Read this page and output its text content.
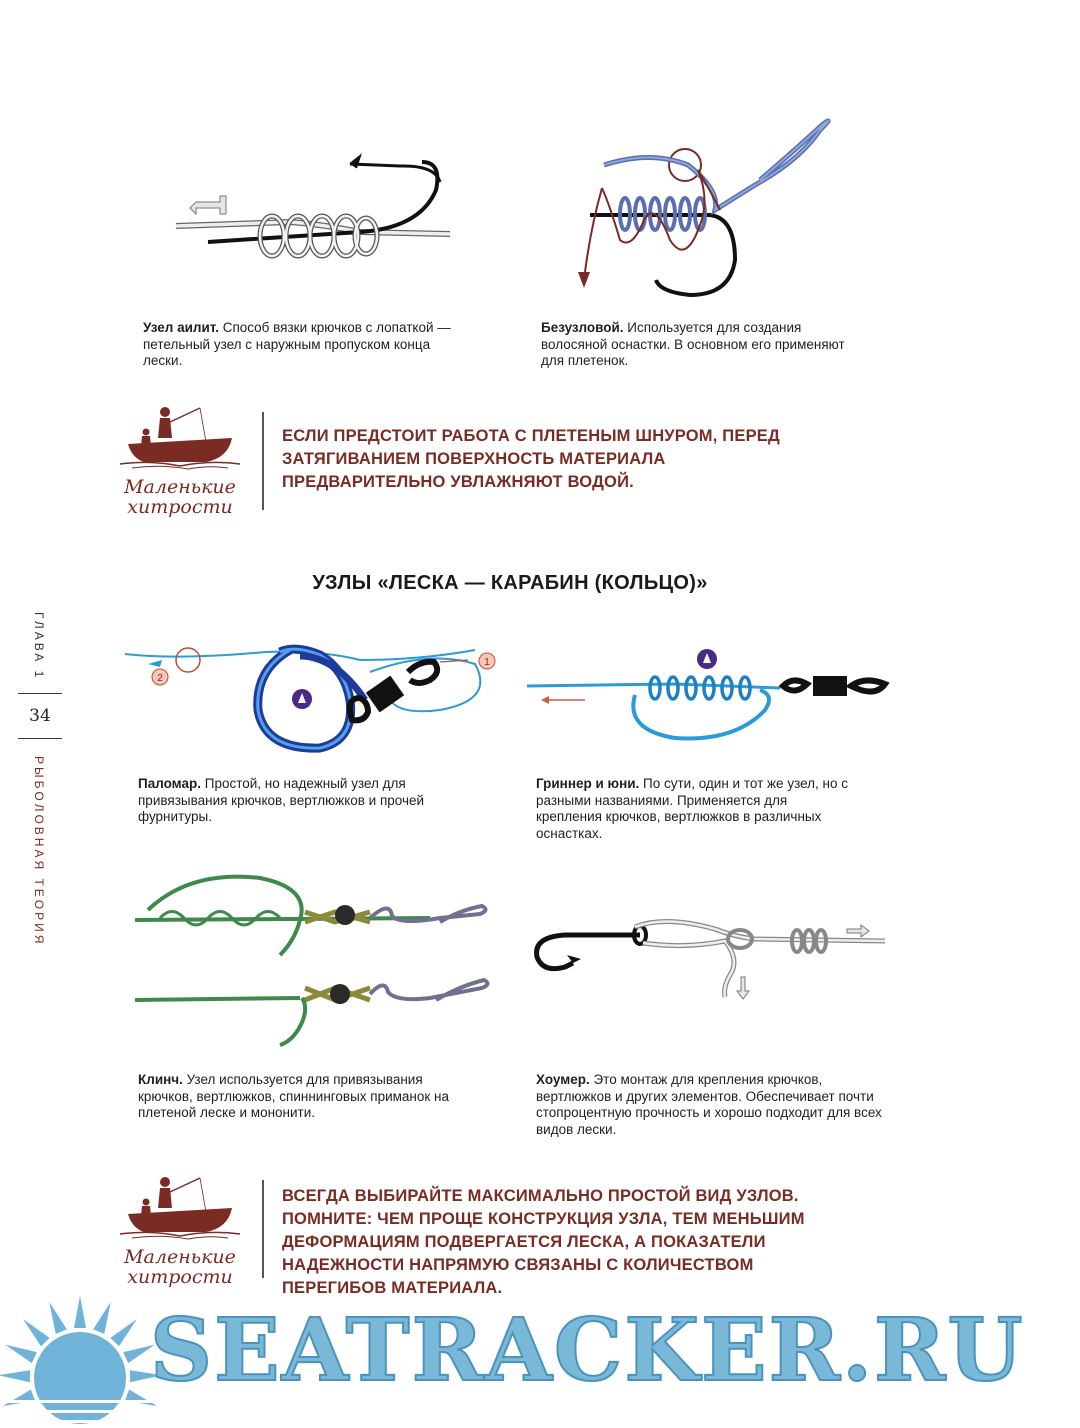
Узел аилит. Способ вязки крючков с лопаткой — петельный узел с наружным пропуском конца лески.
Безузловой. Используется для создания волосяной оснастки. В основном его применяют для плетенок.
Маленькие
хитрости
ЕСЛИ ПРЕДСТОИТ РАБОТА С ПЛЕТЕНЫМ ШНУРОМ, ПЕРЕД ЗАТЯГИВАНИЕМ ПОВЕРХНОСТЬ МАТЕРИАЛА ПРЕДВАРИТЕЛЬНО УВЛАЖНЯЮТ ВОДОЙ.
УЗЛЫ «ЛЕСКА — КАРАБИН (КОЛЬЦО)»
ГЛАВА 1
34
РЫБОЛОВНАЯ ТЕОРИЯ
2
1
Паломар. Простой, но надежный узел для привязывания крючков, вертлюжков и прочей фурнитуры.
Гриннер и юни. По сути, один и тот же узел, но с разными названиями. Применяется для крепления крючков, вертлюжков в различных оснастках.
Клинч. Узел используется для привязывания крючков, вертлюжков, спиннинговых приманок на плетеной леске и мононити.
Хоумер. Это монтаж для крепления крючков, вертлюжков и других элементов. Обеспечивает почти стопроцентную прочность и хорошо подходит для всех видов лески.
Маленькие
хитрости
ВСЕГДА ВЫБИРАЙТЕ МАКСИМАЛЬНО ПРОСТОЙ ВИД УЗЛОВ. ПОМНИТЕ: ЧЕМ ПРОЩЕ КОНСТРУКЦИЯ УЗЛА, ТЕМ МЕНЬШИМ ДЕФОРМАЦИЯМ ПОДВЕРГАЕТСЯ ЛЕСКА, А ПОКАЗАТЕЛИ НАДЕЖНОСТИ НАПРЯМУЮ СВЯЗАНЫ С КОЛИЧЕСТВОМ ПЕРЕГИБОВ МАТЕРИАЛА.
SEATRACKER.RU
